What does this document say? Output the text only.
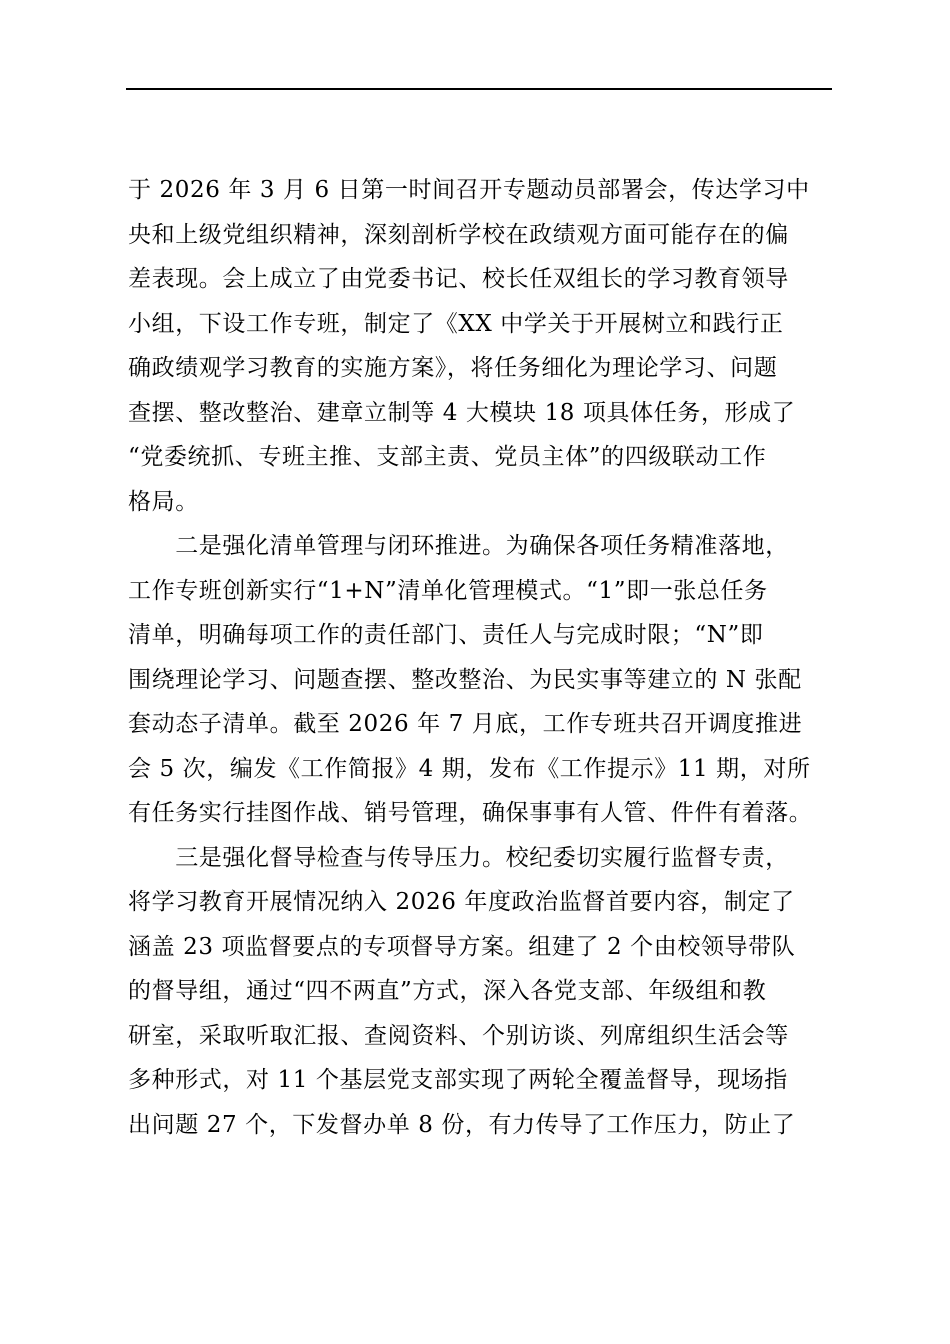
于 2026 年 3 月 6 日第一时间召开专题动员部署会，传达学习中
央和上级党组织精神，深刻剖析学校在政绩观方面可能存在的偏
差表现。会上成立了由党委书记、校长任双组长的学习教育领导
小组，下设工作专班，制定了《XX 中学关于开展树立和践行正
确政绩观学习教育的实施方案》，将任务细化为理论学习、问题
查摆、整改整治、建章立制等 4 大模块 18 项具体任务，形成了
“党委统抓、专班主推、支部主责、党员主体”的四级联动工作
格局。
　　二是强化清单管理与闭环推进。为确保各项任务精准落地，
工作专班创新实行“1+N”清单化管理模式。“1”即一张总任务
清单，明确每项工作的责任部门、责任人与完成时限；“N”即
围绕理论学习、问题查摆、整改整治、为民实事等建立的 N 张配
套动态子清单。截至 2026 年 7 月底，工作专班共召开调度推进
会 5 次，编发《工作简报》4 期，发布《工作提示》11 期，对所
有任务实行挂图作战、销号管理，确保事事有人管、件件有着落。
　　三是强化督导检查与传导压力。校纪委切实履行监督专责，
将学习教育开展情况纳入 2026 年度政治监督首要内容，制定了
涵盖 23 项监督要点的专项督导方案。组建了 2 个由校领导带队
的督导组，通过“四不两直”方式，深入各党支部、年级组和教
研室，采取听取汇报、查阅资料、个别访谈、列席组织生活会等
多种形式，对 11 个基层党支部实现了两轮全覆盖督导，现场指
出问题 27 个，下发督办单 8 份，有力传导了工作压力，防止了
